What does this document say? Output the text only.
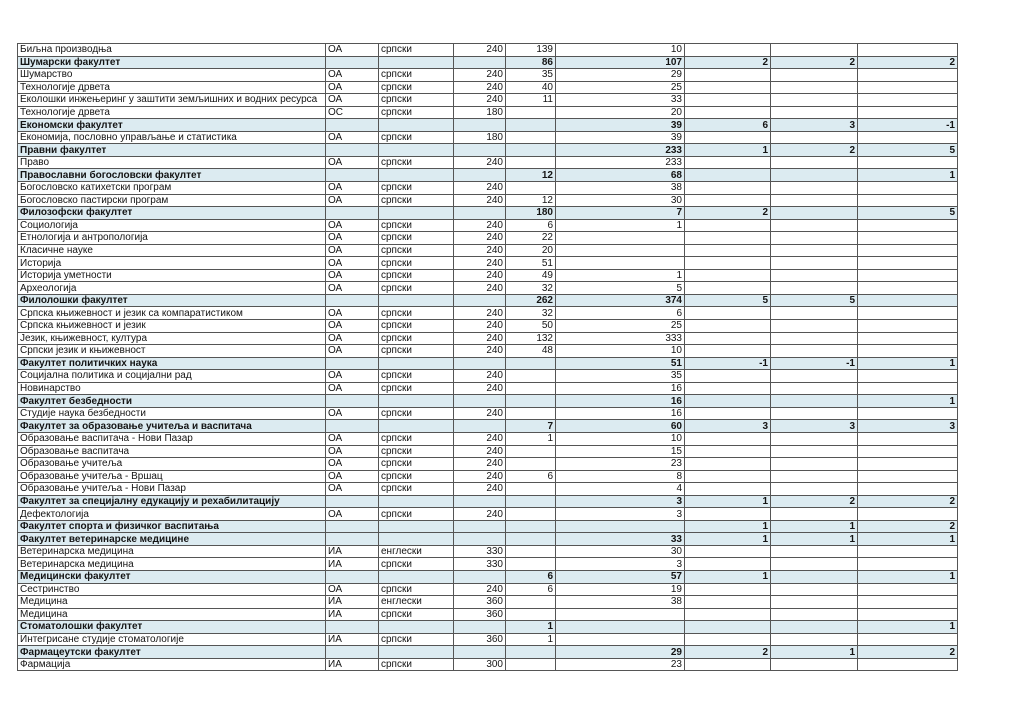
Биљна производња	ОА	српски	240	139	10			
Шумарски факултет				86	107	2	2	2
Шумарство	ОА	српски	240	35	29			
Технологије дрвета	ОА	српски	240	40	25			
Еколошки инжењеринг у заштити земљишних и водних ресурса	ОА	српски	240	11	33			
Технологије дрвета	ОС	српски	180		20			
Економски факултет					39	6	3	-1
Економија, пословно управљање и статистика	ОА	српски	180		39			
Правни факултет					233	1	2	5
Право	ОА	српски	240		233			
Православни богословски факултет				12	68			1
Богословско катихетски програм	ОА	српски	240		38			
Богословско пастирски програм	ОА	српски	240	12	30			
Филозофски факултет				180	7	2		5
Социологија	ОА	српски	240	6	1			
Етнологија и антропологија	ОА	српски	240	22				
Класичне науке	ОА	српски	240	20				
Историја	ОА	српски	240	51				
Историја уметности	ОА	српски	240	49	1			
Археологија	ОА	српски	240	32	5			
Филолошки факултет				262	374	5	5	
Српска књижевност и језик са компаратистиком	ОА	српски	240	32	6			
Српска књижевност и језик	ОА	српски	240	50	25			
Језик, књижевност, култура	ОА	српски	240	132	333			
Српски језик и књижевност	ОА	српски	240	48	10			
Факултет политичких наука					51	-1	-1	1
Социјална политика и социјални рад	ОА	српски	240		35			
Новинарство	ОА	српски	240		16			
Факултет безбедности					16			1
Студије наука безбедности	ОА	српски	240		16			
Факултет за образовање учитеља и васпитача				7	60	3	3	3
Образовање васпитача - Нови Пазар	ОА	српски	240	1	10			
Образовање васпитача	ОА	српски	240		15			
Образовање учитеља	ОА	српски	240		23			
Образовање учитеља - Вршац	ОА	српски	240	6	8			
Образовање учитеља - Нови Пазар	ОА	српски	240		4			
Факултет за специјалну едукацију и рехабилитацију					3	1	2	2
Дефектологија	ОА	српски	240		3			
Факултет спорта и физичког васпитања						1	1	2
Факултет ветеринарске медицине					33	1	1	1
Ветеринарска медицина	ИА	енглески	330		30			
Ветеринарска медицина	ИА	српски	330		3			
Медицински факултет				6	57	1		1
Сестринство	ОА	српски	240	6	19			
Медицина	ИА	енглески	360		38			
Медицина	ИА	српски	360					
Стоматолошки факултет				1				1
Интегрисане студије стоматологије	ИА	српски	360	1				
Фармацеутски факултет					29	2	1	2
Фармација	ИА	српски	300		23			
